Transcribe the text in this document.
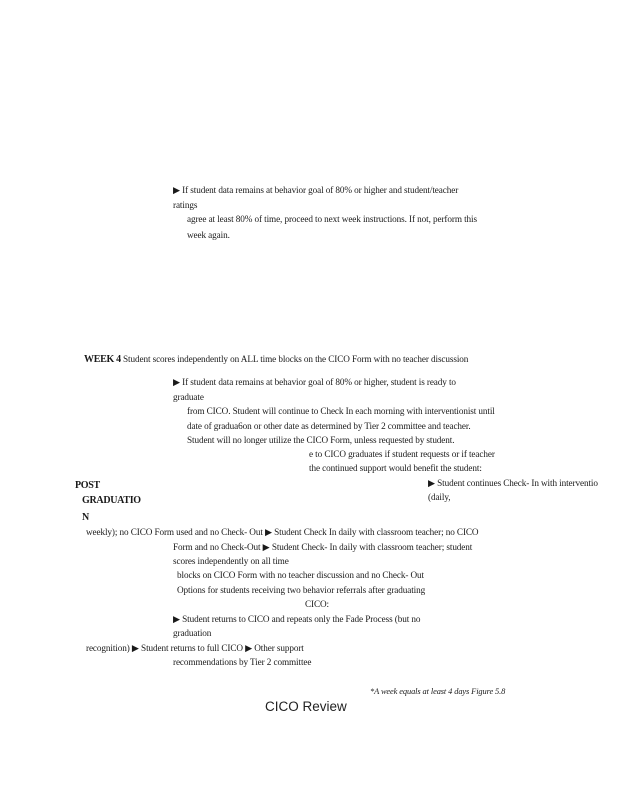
▶ If student data remains at behavior goal of 80% or higher and student/teacher
ratings
agree at least 80% of time, proceed to next week instructions. If not, perform this
week again.
WEEK 4 Student scores independently on ALL time blocks on the CICO Form with no teacher discussion
▶ If student data remains at behavior goal of 80% or higher, student is ready to
graduate
from CICO. Student will continue to Check In each morning with interventionist until
date of gradua6on or other date as determined by Tier 2 committee and teacher.
Student will no longer utilize the CICO Form, unless requested by student.
e to CICO graduates if student requests or if teacher
the continued support would benefit the student:
POST
GRADUATIO
N
▶ Student continues Check- In with interventio
(daily,
weekly); no CICO Form used and no Check- Out ▶ Student Check In daily with classroom teacher; no CICO
Form and no Check-Out ▶ Student Check- In daily with classroom teacher; student
scores independently on all time
blocks on CICO Form with no teacher discussion and no Check- Out
Options for students receiving two behavior referrals after graduating
CICO:
▶ Student returns to CICO and repeats only the Fade Process (but no
graduation
recognition) ▶ Student returns to full CICO ▶ Other support
recommendations by Tier 2 committee
*A week equals at least 4 days Figure 5.8
CICO Review
